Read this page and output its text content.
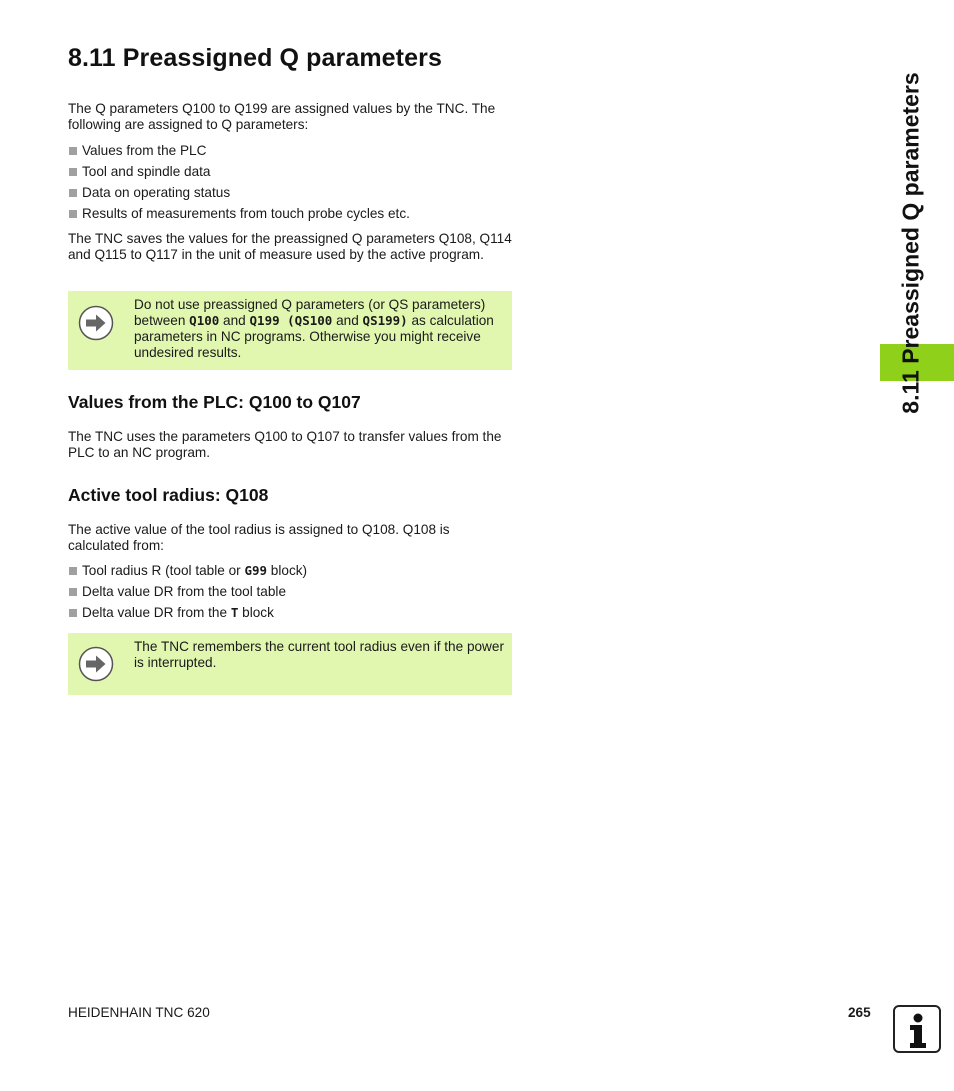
8.11 Preassigned Q parameters

The Q parameters Q100 to Q199 are assigned values by the TNC. The following are assigned to Q parameters:

Values from the PLC
Tool and spindle data
Data on operating status
Results of measurements from touch probe cycles etc.

The TNC saves the values for the preassigned Q parameters Q108, Q114 and Q115 to Q117 in the unit of measure used by the active program.

Do not use preassigned Q parameters (or QS parameters) between Q100 and Q199 (QS100 and QS199) as calculation parameters in NC programs. Otherwise you might receive undesired results.
Values from the PLC: Q100 to Q107

The TNC uses the parameters Q100 to Q107 to transfer values from the PLC to an NC program.

Active tool radius: Q108

The active value of the tool radius is assigned to Q108. Q108 is calculated from:

Tool radius R (tool table or G99 block)
Delta value DR from the tool table
Delta value DR from the T block
The TNC remembers the current tool radius even if the power is interrupted.
8.11 Preassigned Q parameters
HEIDENHAIN TNC 620	265
